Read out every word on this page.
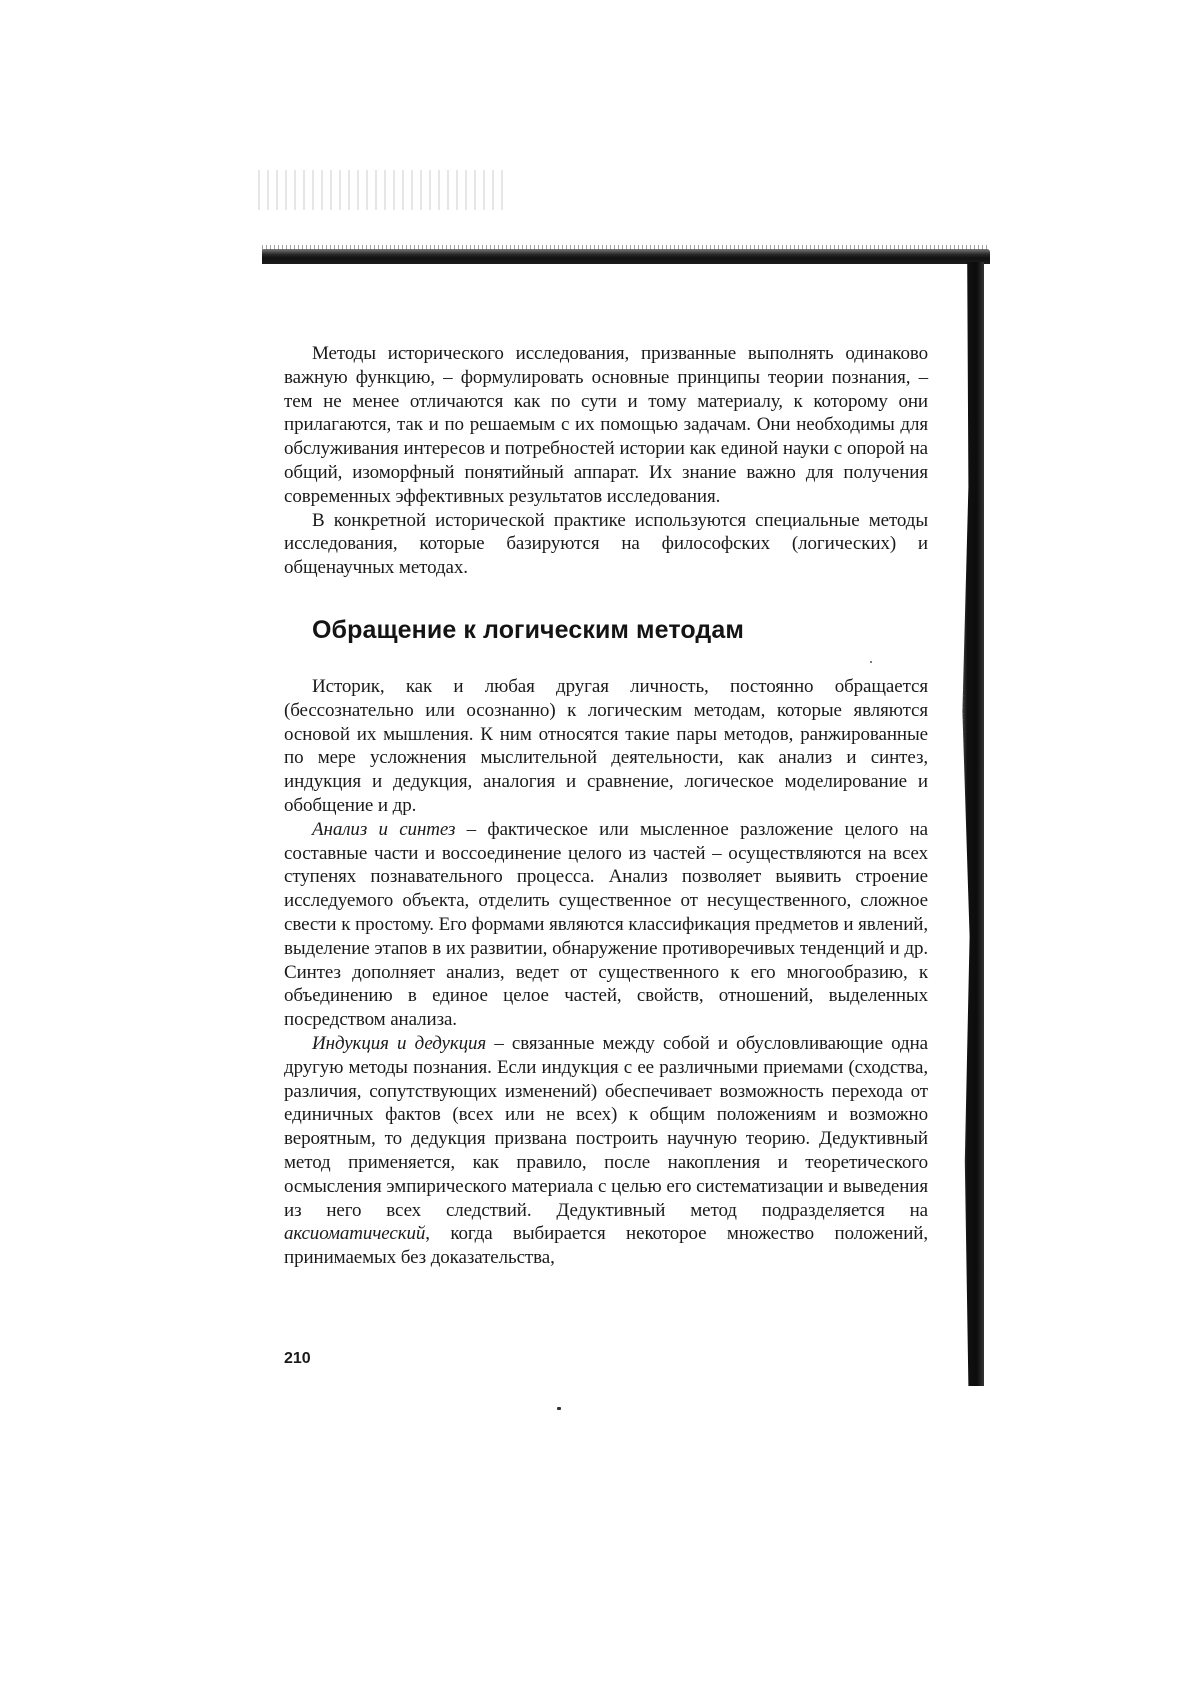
Методы исторического исследования, призванные выполнять одинаково важную функцию, – формулировать основные принципы теории познания, – тем не менее отличаются как по сути и тому материалу, к которому они прилагаются, так и по решаемым с их помощью задачам. Они необходимы для обслуживания интересов и потребностей истории как единой науки с опорой на общий, изоморфный понятийный аппарат. Их знание важно для получения современных эффективных результатов исследования.

В конкретной исторической практике используются специальные методы исследования, которые базируются на философских (логических) и общенаучных методах.

Обращение к логическим методам

Историк, как и любая другая личность, постоянно обращается (бессознательно или осознанно) к логическим методам, которые являются основой их мышления. К ним относятся такие пары методов, ранжированные по мере усложнения мыслительной деятельности, как анализ и синтез, индукция и дедукция, аналогия и сравнение, логическое моделирование и обобщение и др.

Анализ и синтез – фактическое или мысленное разложение целого на составные части и воссоединение целого из частей – осуществляются на всех ступенях познавательного процесса. Анализ позволяет выявить строение исследуемого объекта, отделить существенное от несущественного, сложное свести к простому. Его формами являются классификация предметов и явлений, выделение этапов в их развитии, обнаружение противоречивых тенденций и др. Синтез дополняет анализ, ведет от существенного к его многообразию, к объединению в единое целое частей, свойств, отношений, выделенных посредством анализа.

Индукция и дедукция – связанные между собой и обусловливающие одна другую методы познания. Если индукция с ее различными приемами (сходства, различия, сопутствующих изменений) обеспечивает возможность перехода от единичных фактов (всех или не всех) к общим положениям и возможно вероятным, то дедукция призвана построить научную теорию. Дедуктивный метод применяется, как правило, после накопления и теоретического осмысления эмпирического материала с целью его систематизации и выведения из него всех следствий. Дедуктивный метод подразделяется на аксиоматический, когда выбирается некоторое множество положений, принимаемых без доказательства,

210
